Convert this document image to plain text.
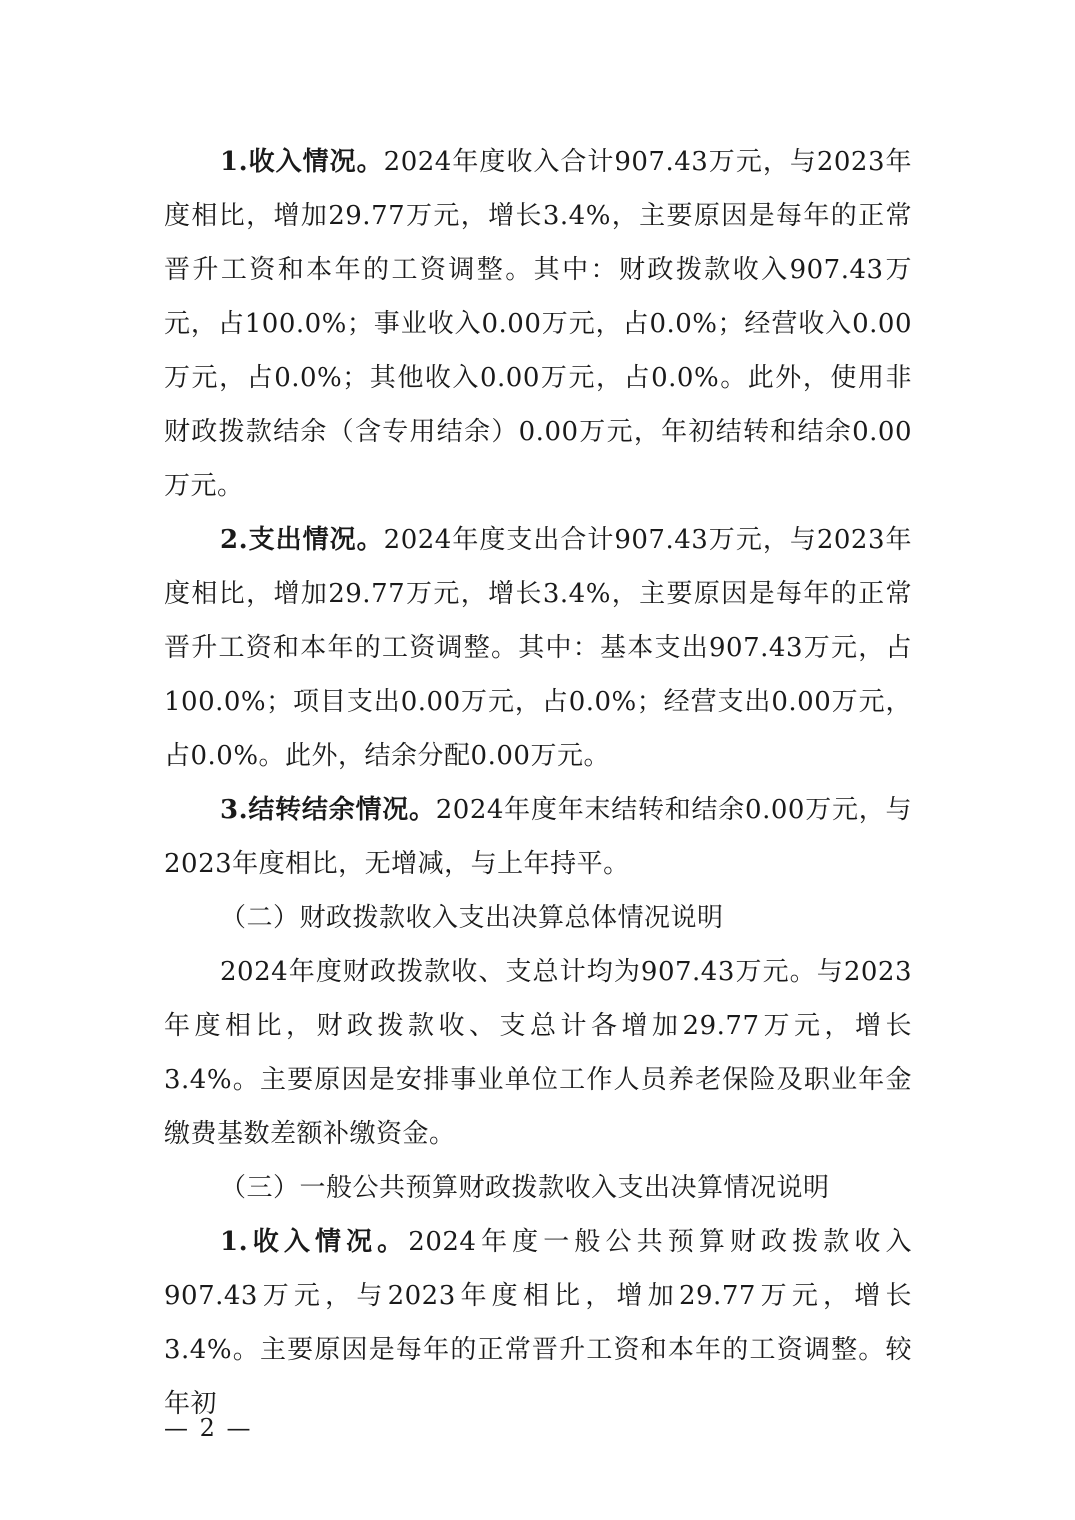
1.收入情况。2024年度收入合计907.43万元，与2023年度相比，增加29.77万元，增长3.4%，主要原因是每年的正常晋升工资和本年的工资调整。其中：财政拨款收入907.43万元，占100.0%；事业收入0.00万元，占0.0%；经营收入0.00万元，占0.0%；其他收入0.00万元，占0.0%。此外，使用非财政拨款结余（含专用结余）0.00万元，年初结转和结余0.00万元。

2.支出情况。2024年度支出合计907.43万元，与2023年度相比，增加29.77万元，增长3.4%，主要原因是每年的正常晋升工资和本年的工资调整。其中：基本支出907.43万元，占100.0%；项目支出0.00万元，占0.0%；经营支出0.00万元，占0.0%。此外，结余分配0.00万元。

3.结转结余情况。2024年度年末结转和结余0.00万元，与2023年度相比，无增减，与上年持平。

（二）财政拨款收入支出决算总体情况说明

2024年度财政拨款收、支总计均为907.43万元。与2023年度相比，财政拨款收、支总计各增加29.77万元，增长3.4%。主要原因是安排事业单位工作人员养老保险及职业年金缴费基数差额补缴资金。

（三）一般公共预算财政拨款收入支出决算情况说明

1.收入情况。2024年度一般公共预算财政拨款收入907.43万元，与2023年度相比，增加29.77万元，增长3.4%。主要原因是每年的正常晋升工资和本年的工资调整。较年初

— 2 —
